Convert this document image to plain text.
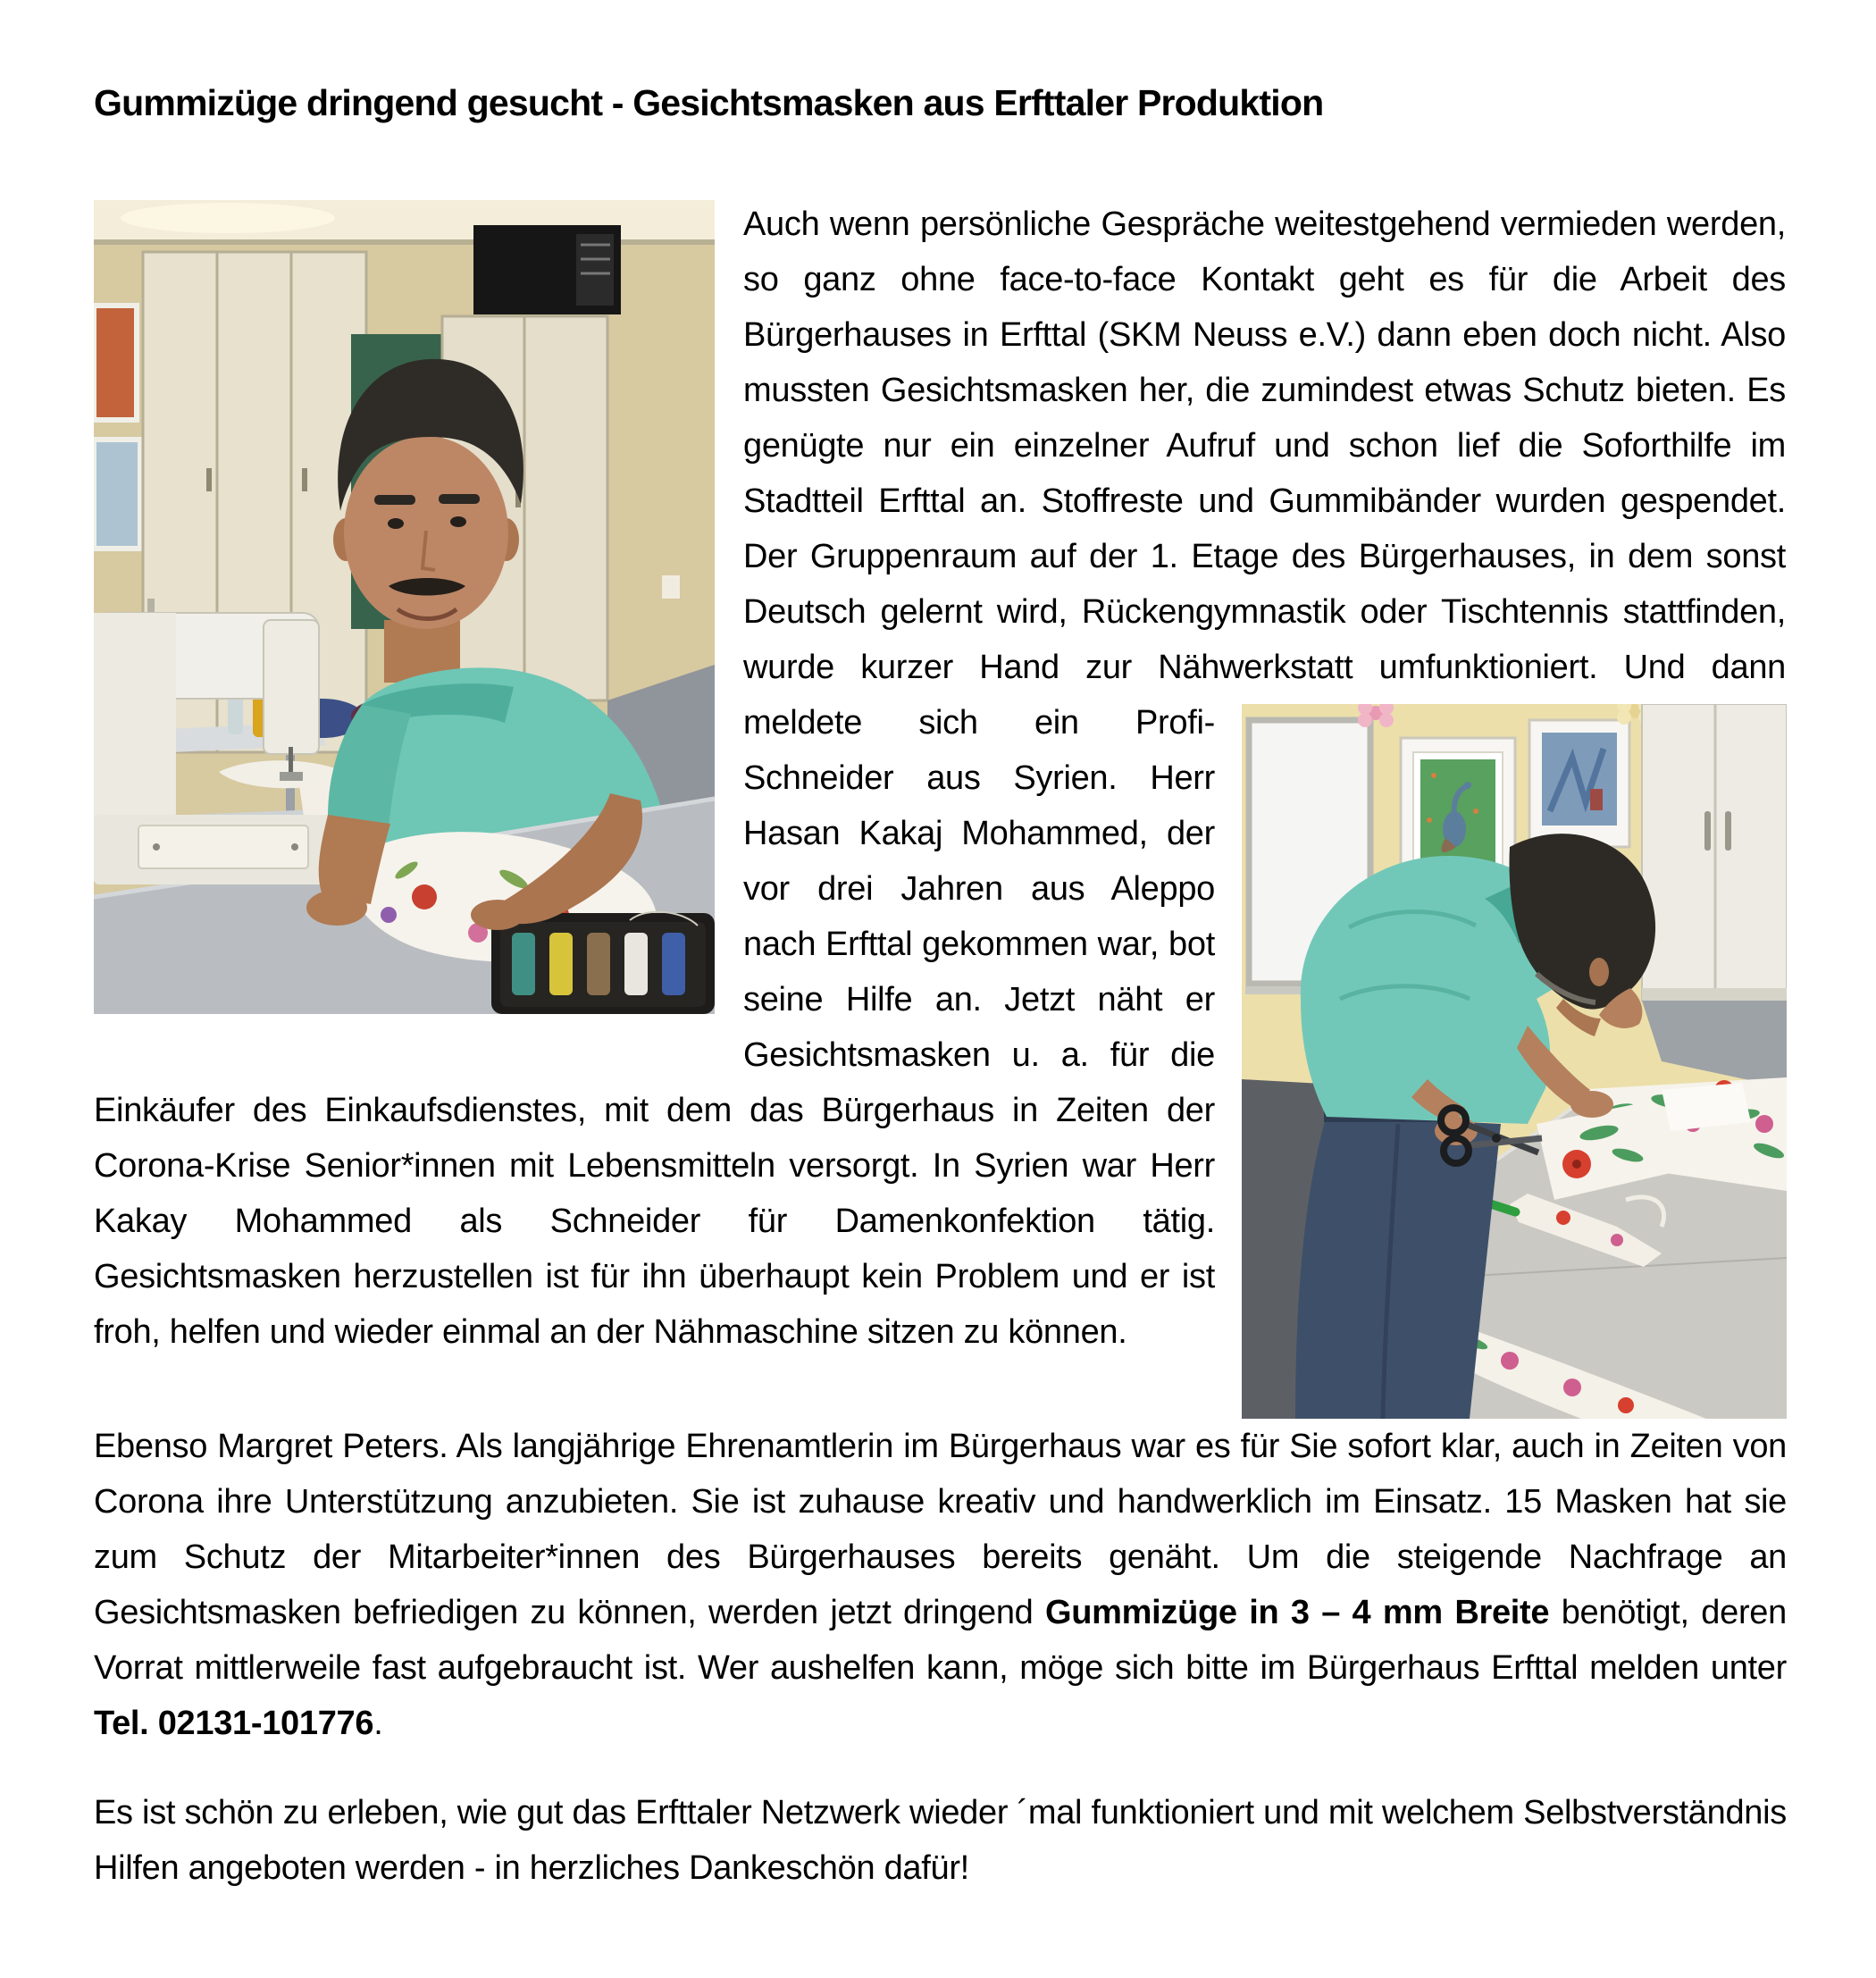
Gummizüge dringend gesucht - Gesichtsmasken aus Erfttaler Produktion
Auch wenn persönliche Gespräche weitestgehend vermieden werden, so ganz ohne face-to-face Kontakt geht es für die Arbeit des Bürgerhauses in Erfttal (SKM Neuss e.V.) dann eben doch nicht. Also mussten Gesichtsmasken her, die zumindest etwas Schutz bieten. Es genügte nur ein einzelner Aufruf und schon lief die Soforthilfe im Stadtteil Erfttal an. Stoffreste und Gummibänder wurden gespendet. Der Gruppenraum auf der 1. Etage des Bürgerhauses, in dem sonst Deutsch gelernt wird, Rückengymnastik oder Tischtennis stattfinden, wurde kurzer Hand zur Nähwerkstatt umfunktioniert. Und dann meldete sich ein Profi-Schneider aus Syrien. Herr Hasan Kakaj Mohammed, der vor drei Jahren aus Aleppo nach Erfttal gekommen war, bot seine Hilfe an. Jetzt näht er Gesichtsmasken u. a. für die Einkäufer des Einkaufsdienstes, mit dem das Bürgerhaus in Zeiten der Corona-Krise Senior*innen mit Lebensmitteln versorgt. In Syrien war Herr Kakay Mohammed als Schneider für Damenkonfektion tätig. Gesichtsmasken herzustellen ist für ihn überhaupt kein Problem und er ist froh, helfen und wieder einmal an der Nähmaschine sitzen zu können.

Ebenso Margret Peters. Als langjährige Ehrenamtlerin im Bürgerhaus war es für Sie sofort klar, auch in Zeiten von Corona ihre Unterstützung anzubieten. Sie ist zuhause kreativ und handwerklich im Einsatz. 15 Masken hat sie zum Schutz der Mitarbeiter*innen des Bürgerhauses bereits genäht. Um die steigende Nachfrage an Gesichtsmasken befriedigen zu können, werden jetzt dringend Gummizüge in 3 – 4 mm Breite benötigt, deren Vorrat mittlerweile fast aufgebraucht ist. Wer aushelfen kann, möge sich bitte im Bürgerhaus Erfttal melden unter Tel. 02131-101776.

Es ist schön zu erleben, wie gut das Erfttaler Netzwerk wieder ´mal funktioniert und mit welchem Selbstverständnis Hilfen angeboten werden - in herzliches Dankeschön dafür!
